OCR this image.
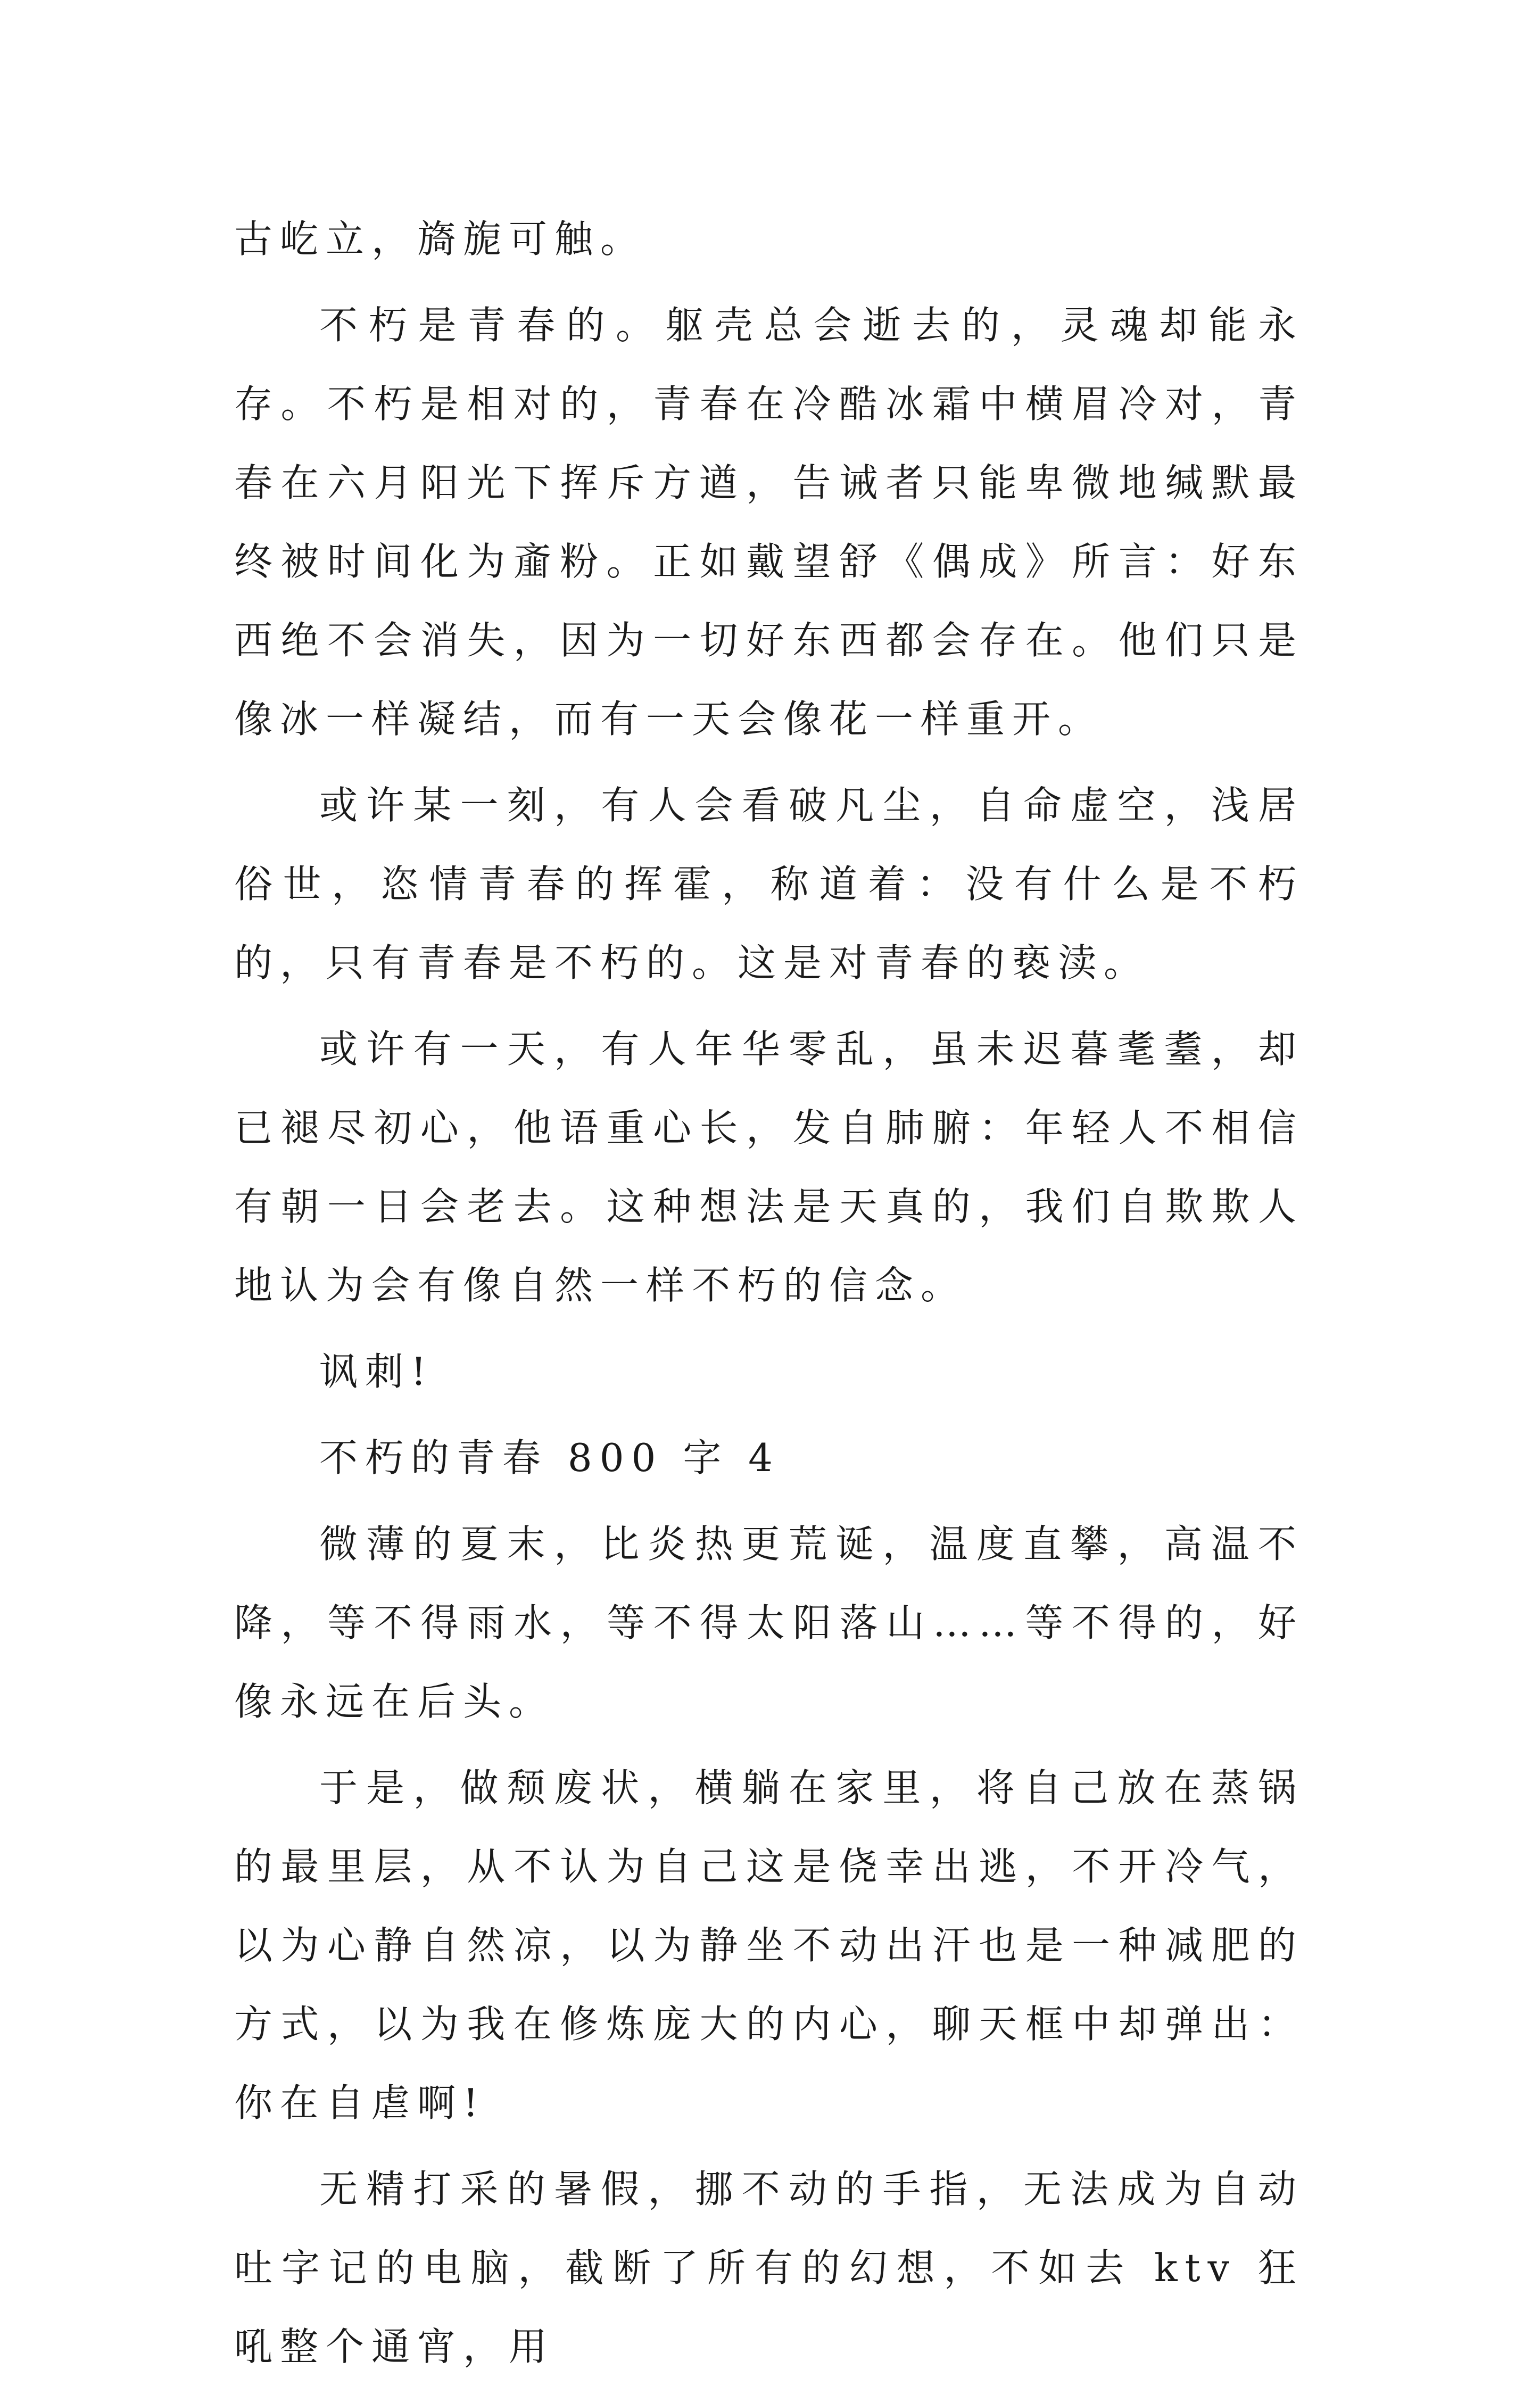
古屹立，旖旎可触。

不朽是青春的。躯壳总会逝去的，灵魂却能永存。不朽是相对的，青春在冷酷冰霜中横眉冷对，青春在六月阳光下挥斥方遒，告诫者只能卑微地缄默最终被时间化为齑粉。正如戴望舒《偶成》所言：好东西绝不会消失，因为一切好东西都会存在。他们只是像冰一样凝结，而有一天会像花一样重开。

或许某一刻，有人会看破凡尘，自命虚空，浅居俗世，恣情青春的挥霍，称道着：没有什么是不朽的，只有青春是不朽的。这是对青春的亵渎。

或许有一天，有人年华零乱，虽未迟暮耄耋，却已褪尽初心，他语重心长，发自肺腑：年轻人不相信有朝一日会老去。这种想法是天真的，我们自欺欺人地认为会有像自然一样不朽的信念。

讽刺!

不朽的青春 800 字 4

微薄的夏末，比炎热更荒诞，温度直攀，高温不降，等不得雨水，等不得太阳落山……等不得的，好像永远在后头。

于是，做颓废状，横躺在家里，将自己放在蒸锅的最里层，从不认为自己这是侥幸出逃，不开冷气，以为心静自然凉，以为静坐不动出汗也是一种减肥的方式，以为我在修炼庞大的内心，聊天框中却弹出：你在自虐啊!

无精打采的暑假，挪不动的手指，无法成为自动吐字记的电脑，截断了所有的幻想，不如去 ktv 狂吼整个通宵，用
